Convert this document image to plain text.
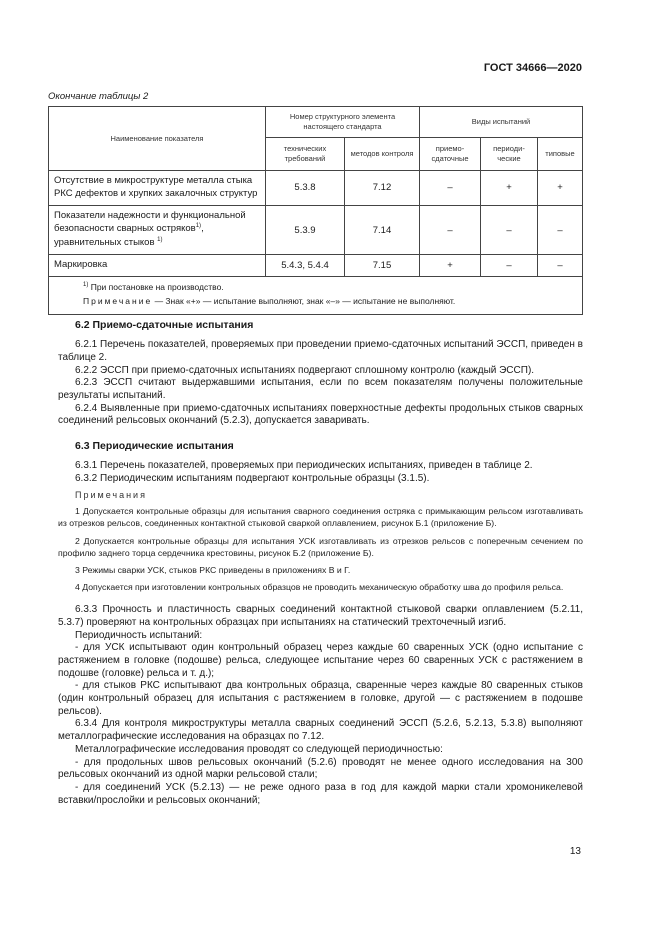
ГОСТ 34666—2020
Окончание таблицы 2
Наименование показателя	Номер структурного элемента настоящего стандарта		Виды испытаний		
	технических требований	методов контроля	приемо-сдаточные	периоди-ческие	типовые
Отсутствие в микроструктуре металла стыка РКС дефектов и хрупких закалочных структур	5.3.8	7.12	–	+	+
Показатели надежности и функциональной безопасности сварных остряков$^{1)}$, уравнительных стыков $^{1)}$	5.3.9	7.14	–	–	–
Маркировка	5.4.3, 5.4.4	7.15	+	–	–

$^{1)}$ При постановке на производство.
Примечание — Знак «+» — испытание выполняют, знак «–» — испытание не выполняют.					
6.2 Приемо-сдаточные испытания

6.2.1 Перечень показателей, проверяемых при проведении приемо-сдаточных испытаний ЭССП, приведен в таблице 2.

6.2.2 ЭССП при приемо-сдаточных испытаниях подвергают сплошному контролю (каждый ЭССП).

6.2.3 ЭССП считают выдержавшими испытания, если по всем показателям получены положительные результаты испытаний.

6.2.4 Выявленные при приемо-сдаточных испытаниях поверхностные дефекты продольных стыков сварных соединений рельсовых окончаний (5.2.3), допускается заваривать.

6.3 Периодические испытания

6.3.1 Перечень показателей, проверяемых при периодических испытаниях, приведен в таблице 2.

6.3.2 Периодическим испытаниям подвергают контрольные образцы (3.1.5).

Примечания

1 Допускается контрольные образцы для испытания сварного соединения остряка с примыкающим рельсом изготавливать из отрезков рельсов, соединенных контактной стыковой сваркой оплавлением, рисунок Б.1 (приложение Б).

2 Допускается контрольные образцы для испытания УСК изготавливать из отрезков рельсов с поперечным сечением по профилю заднего торца сердечника крестовины, рисунок Б.2 (приложение Б).

3 Режимы сварки УСК, стыков РКС приведены в приложениях В и Г.

4 Допускается при изготовлении контрольных образцов не проводить механическую обработку шва до профиля рельса.

6.3.3 Прочность и пластичность сварных соединений контактной стыковой сварки оплавлением (5.2.11, 5.3.7) проверяют на контрольных образцах при испытаниях на статический трехточечный изгиб.

Периодичность испытаний:

- для УСК испытывают один контрольный образец через каждые 60 сваренных УСК (одно испытание с растяжением в головке (подошве) рельса, следующее испытание через 60 сваренных УСК с растяжением в подошве (головке) рельса и т. д.);

- для стыков РКС испытывают два контрольных образца, сваренные через каждые 80 сваренных стыков (один контрольный образец для испытания с растяжением в головке, другой — с растяжением в подошве рельсов).

6.3.4 Для контроля микроструктуры металла сварных соединений ЭССП (5.2.6, 5.2.13, 5.3.8) выполняют металлографические исследования на образцах по 7.12.

Металлографические исследования проводят со следующей периодичностью:

- для продольных швов рельсовых окончаний (5.2.6) проводят не менее одного исследования на 300 рельсовых окончаний из одной марки рельсовой стали;

- для соединений УСК (5.2.13) — не реже одного раза в год для каждой марки стали хромоникелевой вставки/прослойки и рельсовых окончаний;

13
